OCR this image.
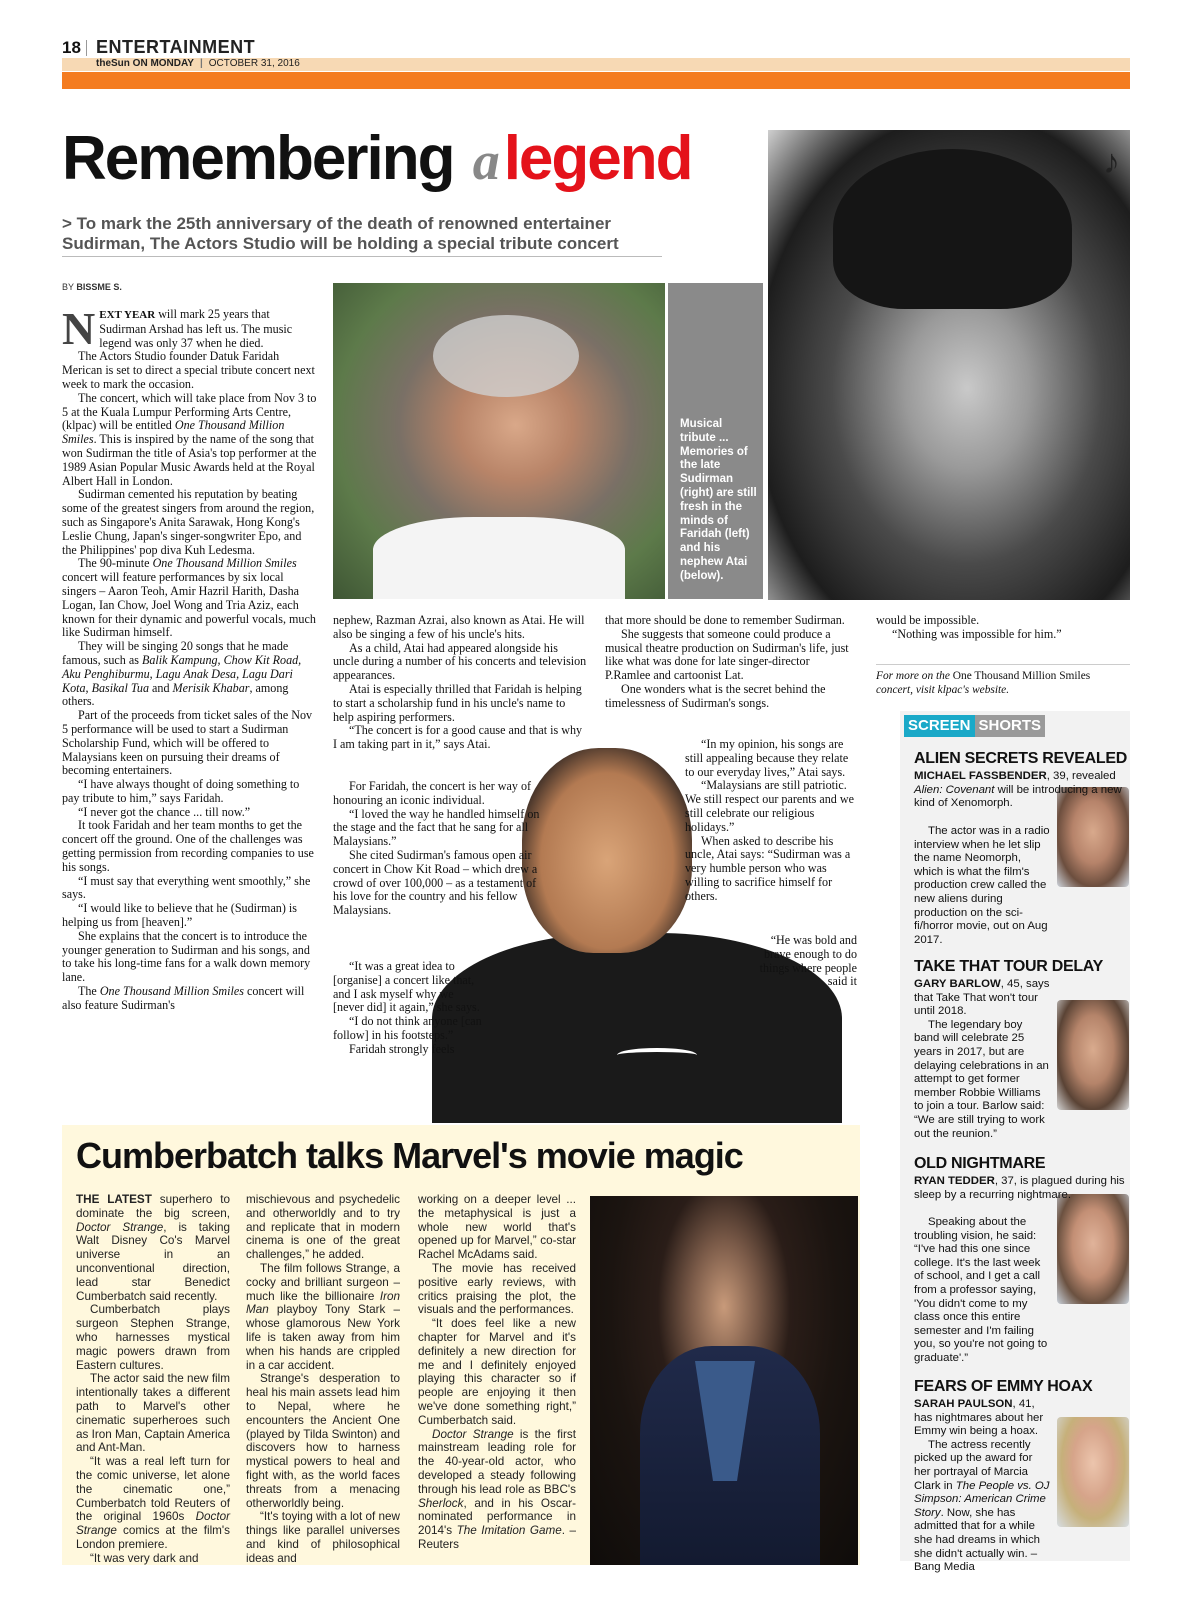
18 ENTERTAINMENT
theSun ON MONDAY | OCTOBER 31, 2016
Remembering alegend
> To mark the 25th anniversary of the death of renowned entertainer Sudirman, The Actors Studio will be holding a special tribute concert
BY BISSME S.
Musical tribute ... Memories of the late Sudirman (right) are still fresh in the minds of Faridah (left) and his nephew Atai (below).
♪

NEXT YEAR will mark 25 years that Sudirman Arshad has left us. The music legend was only 37 when he died.

The Actors Studio founder Datuk Faridah Merican is set to direct a special tribute concert next week to mark the occasion.

The concert, which will take place from Nov 3 to 5 at the Kuala Lumpur Performing Arts Centre, (klpac) will be entitled One Thousand Million Smiles. This is inspired by the name of the song that won Sudirman the title of Asia's top performer at the 1989 Asian Popular Music Awards held at the Royal Albert Hall in London.

Sudirman cemented his reputation by beating some of the greatest singers from around the region, such as Singapore's Anita Sarawak, Hong Kong's Leslie Chung, Japan's singer-songwriter Epo, and the Philippines' pop diva Kuh Ledesma.

The 90-minute One Thousand Million Smiles concert will feature performances by six local singers – Aaron Teoh, Amir Hazril Harith, Dasha Logan, Ian Chow, Joel Wong and Tria Aziz, each known for their dynamic and powerful vocals, much like Sudirman himself.

They will be singing 20 songs that he made famous, such as Balik Kampung, Chow Kit Road, Aku Penghiburmu, Lagu Anak Desa, Lagu Dari Kota, Basikal Tua and Merisik Khabar, among others.

Part of the proceeds from ticket sales of the Nov 5 performance will be used to start a Sudirman Scholarship Fund, which will be offered to Malaysians keen on pursuing their dreams of becoming entertainers.

“I have always thought of doing something to pay tribute to him,” says Faridah.

“I never got the chance ... till now.”

It took Faridah and her team months to get the concert off the ground. One of the challenges was getting permission from recording companies to use his songs.

“I must say that everything went smoothly,” she says.

“I would like to believe that he (Sudirman) is helping us from [heaven].”

She explains that the concert is to introduce the younger generation to Sudirman and his songs, and to take his long-time fans for a walk down memory lane.

The One Thousand Million Smiles concert will also feature Sudirman's

nephew, Razman Azrai, also known as Atai. He will also be singing a few of his uncle's hits.

As a child, Atai had appeared alongside his uncle during a number of his concerts and television appearances.

Atai is especially thrilled that Faridah is helping to start a scholarship fund in his uncle's name to help aspiring performers.

“The concert is for a good cause and that is why I am taking part in it,” says Atai.

For Faridah, the concert is her way of honouring an iconic individual.

“I loved the way he handled himself on the stage and the fact that he sang for all Malaysians.”

She cited Sudirman's famous open air concert in Chow Kit Road – which drew a crowd of over 100,000 – as a testament of his love for the country and his fellow Malaysians.

“It was a great idea to [organise] a concert like that, and I ask myself why we [never did] it again,” she says.

“I do not think anyone [can follow] in his footsteps.”

Faridah strongly feels

that more should be done to remember Sudirman.

She suggests that someone could produce a musical theatre production on Sudirman's life, just like what was done for late singer-director P.Ramlee and cartoonist Lat.

One wonders what is the secret behind the timelessness of Sudirman's songs.

“In my opinion, his songs are still appealing because they relate to our everyday lives,” Atai says.

“Malaysians are still patriotic. We still respect our parents and we still celebrate our religious holidays.”

When asked to describe his uncle, Atai says: “Sudirman was a very humble person who was willing to sacrifice himself for others.

“He was bold and brave enough to do things where people said it

would be impossible.

“Nothing was impossible for him.”

For more on the One Thousand Million Smiles concert, visit klpac's website.
SCREEN SHORTS
ALIEN SECRETS REVEALED

MICHAEL FASSBENDER, 39, revealed Alien: Covenant will be introducing a new kind of Xenomorph.

The actor was in a radio interview when he let slip the name Neomorph, which is what the film's production crew called the new aliens during production on the sci-fi/horror movie, out on Aug 2017.

TAKE THAT TOUR DELAY

GARY BARLOW, 45, says that Take That won't tour until 2018.

The legendary boy band will celebrate 25 years in 2017, but are delaying celebrations in an attempt to get former member Robbie Williams to join a tour. Barlow said: “We are still trying to work out the reunion.”

OLD NIGHTMARE

RYAN TEDDER, 37, is plagued during his sleep by a recurring nightmare.

Speaking about the troubling vision, he said: “I've had this one since college. It's the last week of school, and I get a call from a professor saying, 'You didn't come to my class once this entire semester and I'm failing you, so you're not going to graduate'.”

FEARS OF EMMY HOAX

SARAH PAULSON, 41, has nightmares about her Emmy win being a hoax.

The actress recently picked up the award for her portrayal of Marcia Clark in The People vs. OJ Simpson: American Crime Story. Now, she has admitted that for a while she had dreams in which she didn't actually win. – Bang Media

Cumberbatch talks Marvel's movie magic

THE LATEST superhero to dominate the big screen, Doctor Strange, is taking Walt Disney Co's Marvel universe in an unconventional direction, lead star Benedict Cumberbatch said recently.

Cumberbatch plays surgeon Stephen Strange, who harnesses mystical magic powers drawn from Eastern cultures.

The actor said the new film intentionally takes a different path to Marvel's other cinematic superheroes such as Iron Man, Captain America and Ant-Man.

“It was a real left turn for the comic universe, let alone the cinematic one,” Cumberbatch told Reuters of the original 1960s Doctor Strange comics at the film's London premiere.

“It was very dark and

mischievous and psychedelic and otherworldly and to try and replicate that in modern cinema is one of the great challenges,” he added.

The film follows Strange, a cocky and brilliant surgeon – much like the billionaire Iron Man playboy Tony Stark – whose glamorous New York life is taken away from him when his hands are crippled in a car accident.

Strange's desperation to heal his main assets lead him to Nepal, where he encounters the Ancient One (played by Tilda Swinton) and discovers how to harness mystical powers to heal and fight with, as the world faces threats from a menacing otherworldly being.

“It's toying with a lot of new things like parallel universes and kind of philosophical ideas and

working on a deeper level ... the metaphysical is just a whole new world that's opened up for Marvel,” co-star Rachel McAdams said.

The movie has received positive early reviews, with critics praising the plot, the visuals and the performances.

“It does feel like a new chapter for Marvel and it's definitely a new direction for me and I definitely enjoyed playing this character so if people are enjoying it then we've done something right,” Cumberbatch said.

Doctor Strange is the first mainstream leading role for the 40-year-old actor, who developed a steady following through his lead role as BBC's Sherlock, and in his Oscar-nominated performance in 2014's The Imitation Game. – Reuters
